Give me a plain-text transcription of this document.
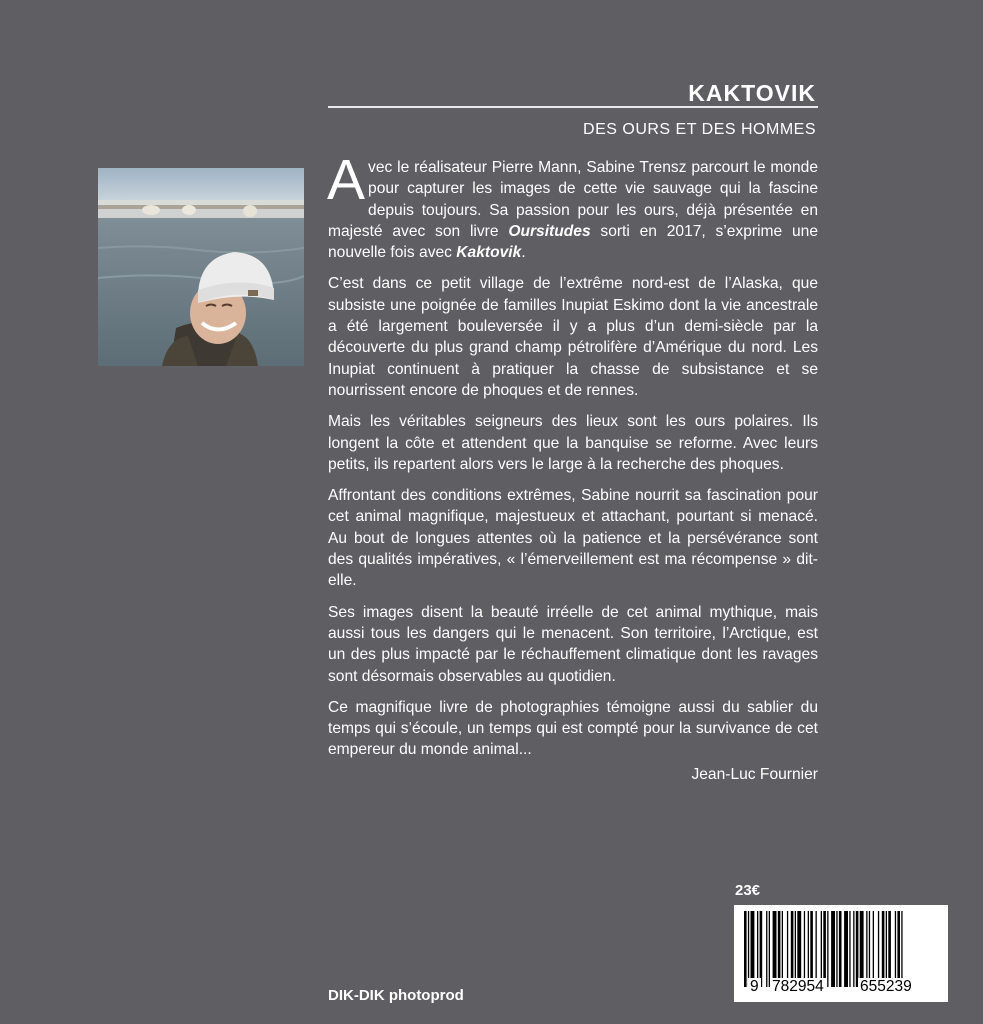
KAKTOVIK
DES OURS ET DES HOMMES

Avec le réalisateur Pierre Mann, Sabine Trensz parcourt le monde pour capturer les images de cette vie sauvage qui la fascine depuis toujours. Sa passion pour les ours, déjà présentée en majesté avec son livre Oursitudes sorti en 2017, s’exprime une nouvelle fois avec Kaktovik.

C’est dans ce petit village de l’extrême nord-est de l’Alaska, que subsiste une poignée de familles Inupiat Eskimo dont la vie ancestrale a été largement bouleversée il y a plus d’un demi-siècle par la découverte du plus grand champ pétrolifère d’Amérique du nord. Les Inupiat continuent à pratiquer la chasse de subsistance et se nourrissent encore de phoques et de rennes.

Mais les véritables seigneurs des lieux sont les ours polaires. Ils longent la côte et attendent que la banquise se reforme. Avec leurs petits, ils repartent alors vers le large à la recherche des phoques.

Affrontant des conditions extrêmes, Sabine nourrit sa fascination pour cet animal magnifique, majestueux et attachant, pourtant si menacé. Au bout de longues attentes où la patience et la persévérance sont des qualités impératives, « l’émerveillement est ma récompense » dit-elle.

Ses images disent la beauté irréelle de cet animal mythique, mais aussi tous les dangers qui le menacent. Son territoire, l’Arctique, est un des plus impacté par le réchauffement climatique dont les ravages sont désormais observables au quotidien.

Ce magnifique livre de photographies témoigne aussi du sablier du temps qui s’écoule, un temps qui est compté pour la survivance de cet empereur du monde animal...

Jean-Luc Fournier
23€
9 782954 655239
DIK-DIK photoprod
